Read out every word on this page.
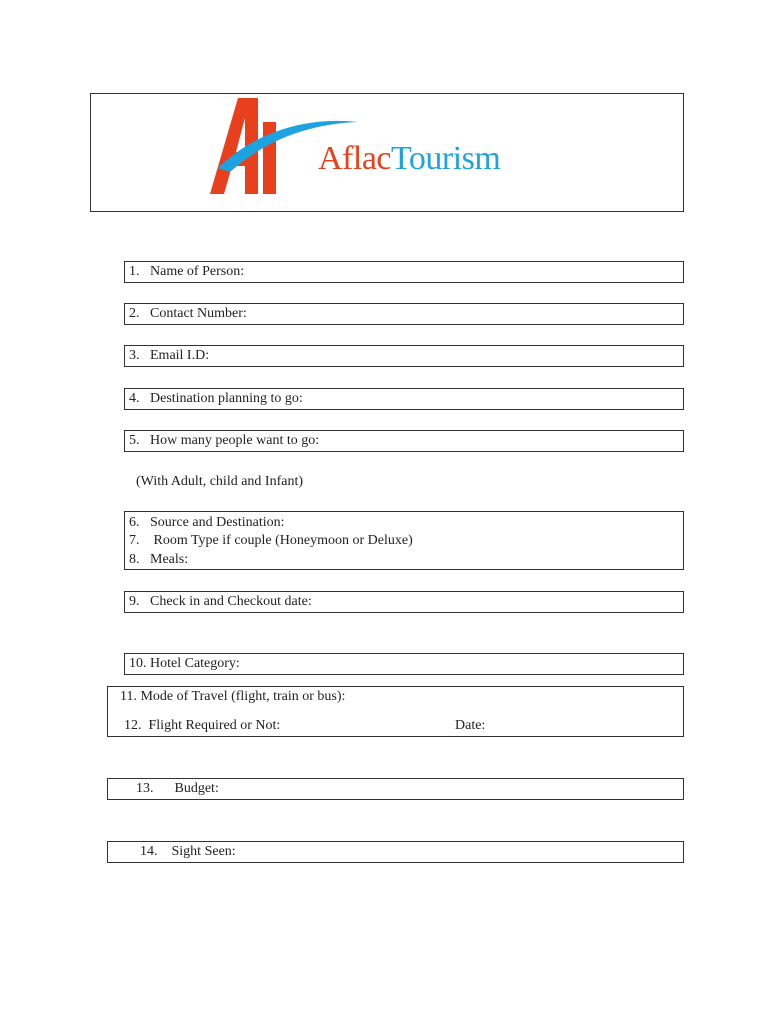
AflacTourism
1. Name of Person:
2. Contact Number:
3. Email I.D:
4. Destination planning to go:
5. How many people want to go:
(With Adult, child and Infant)
6. Source and Destination:
7. Room Type if couple (Honeymoon or Deluxe)
8. Meals:
9. Check in and Checkout date:
10. Hotel Category:
11. Mode of Travel (flight, train or bus):
12. Flight Required or Not:	Date:
13. Budget:
14. Sight Seen:
